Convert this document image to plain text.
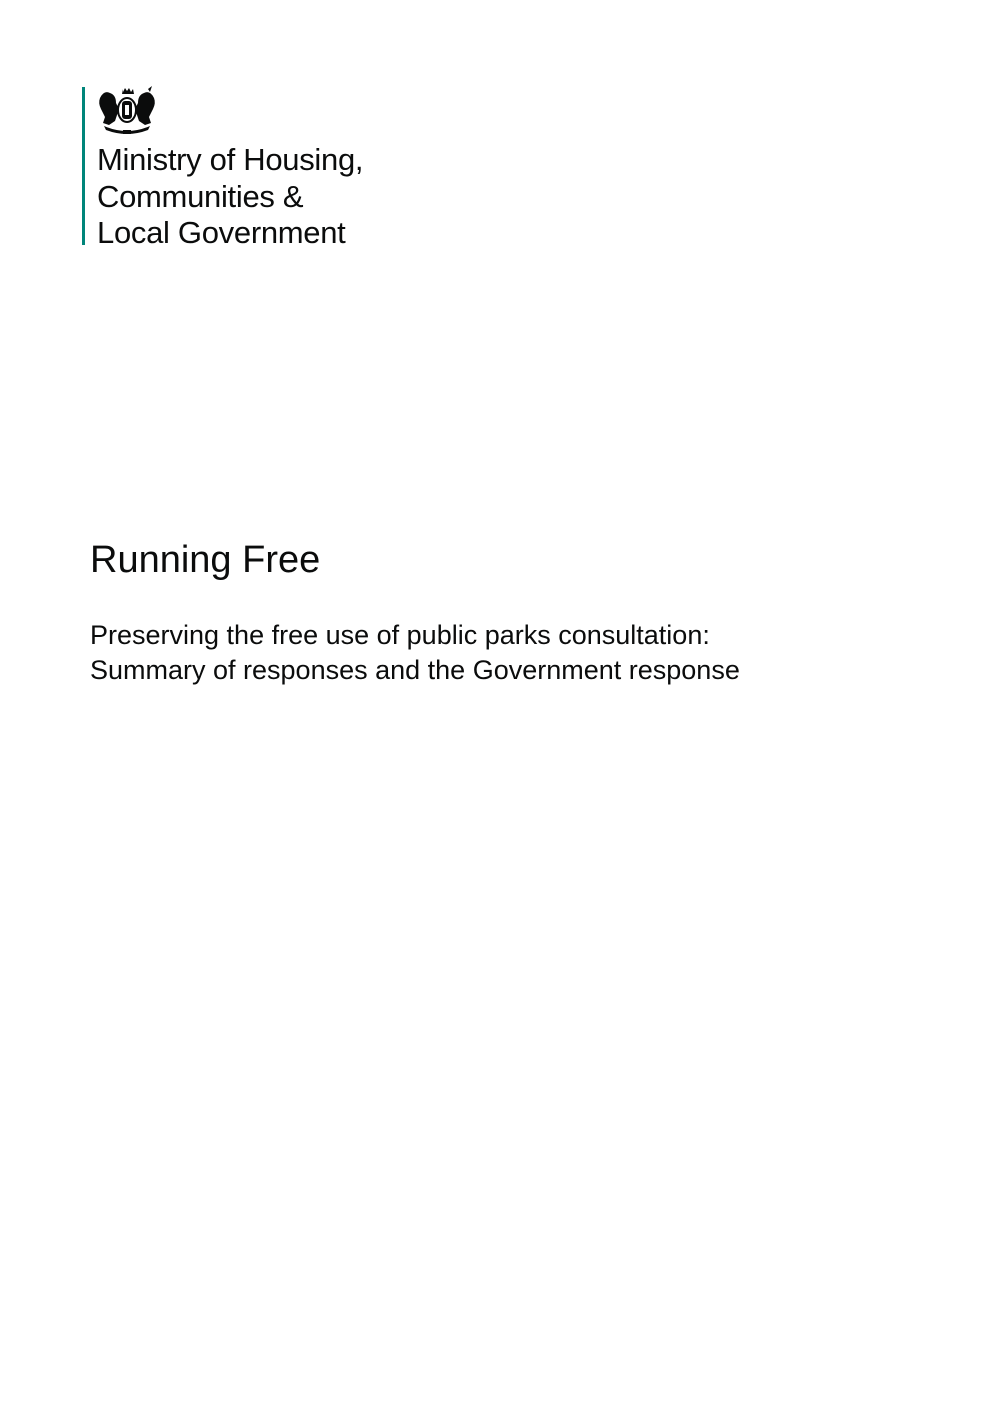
Ministry of Housing,
Communities &
Local Government
Running Free
Preserving the free use of public parks consultation:
Summary of responses and the Government response
